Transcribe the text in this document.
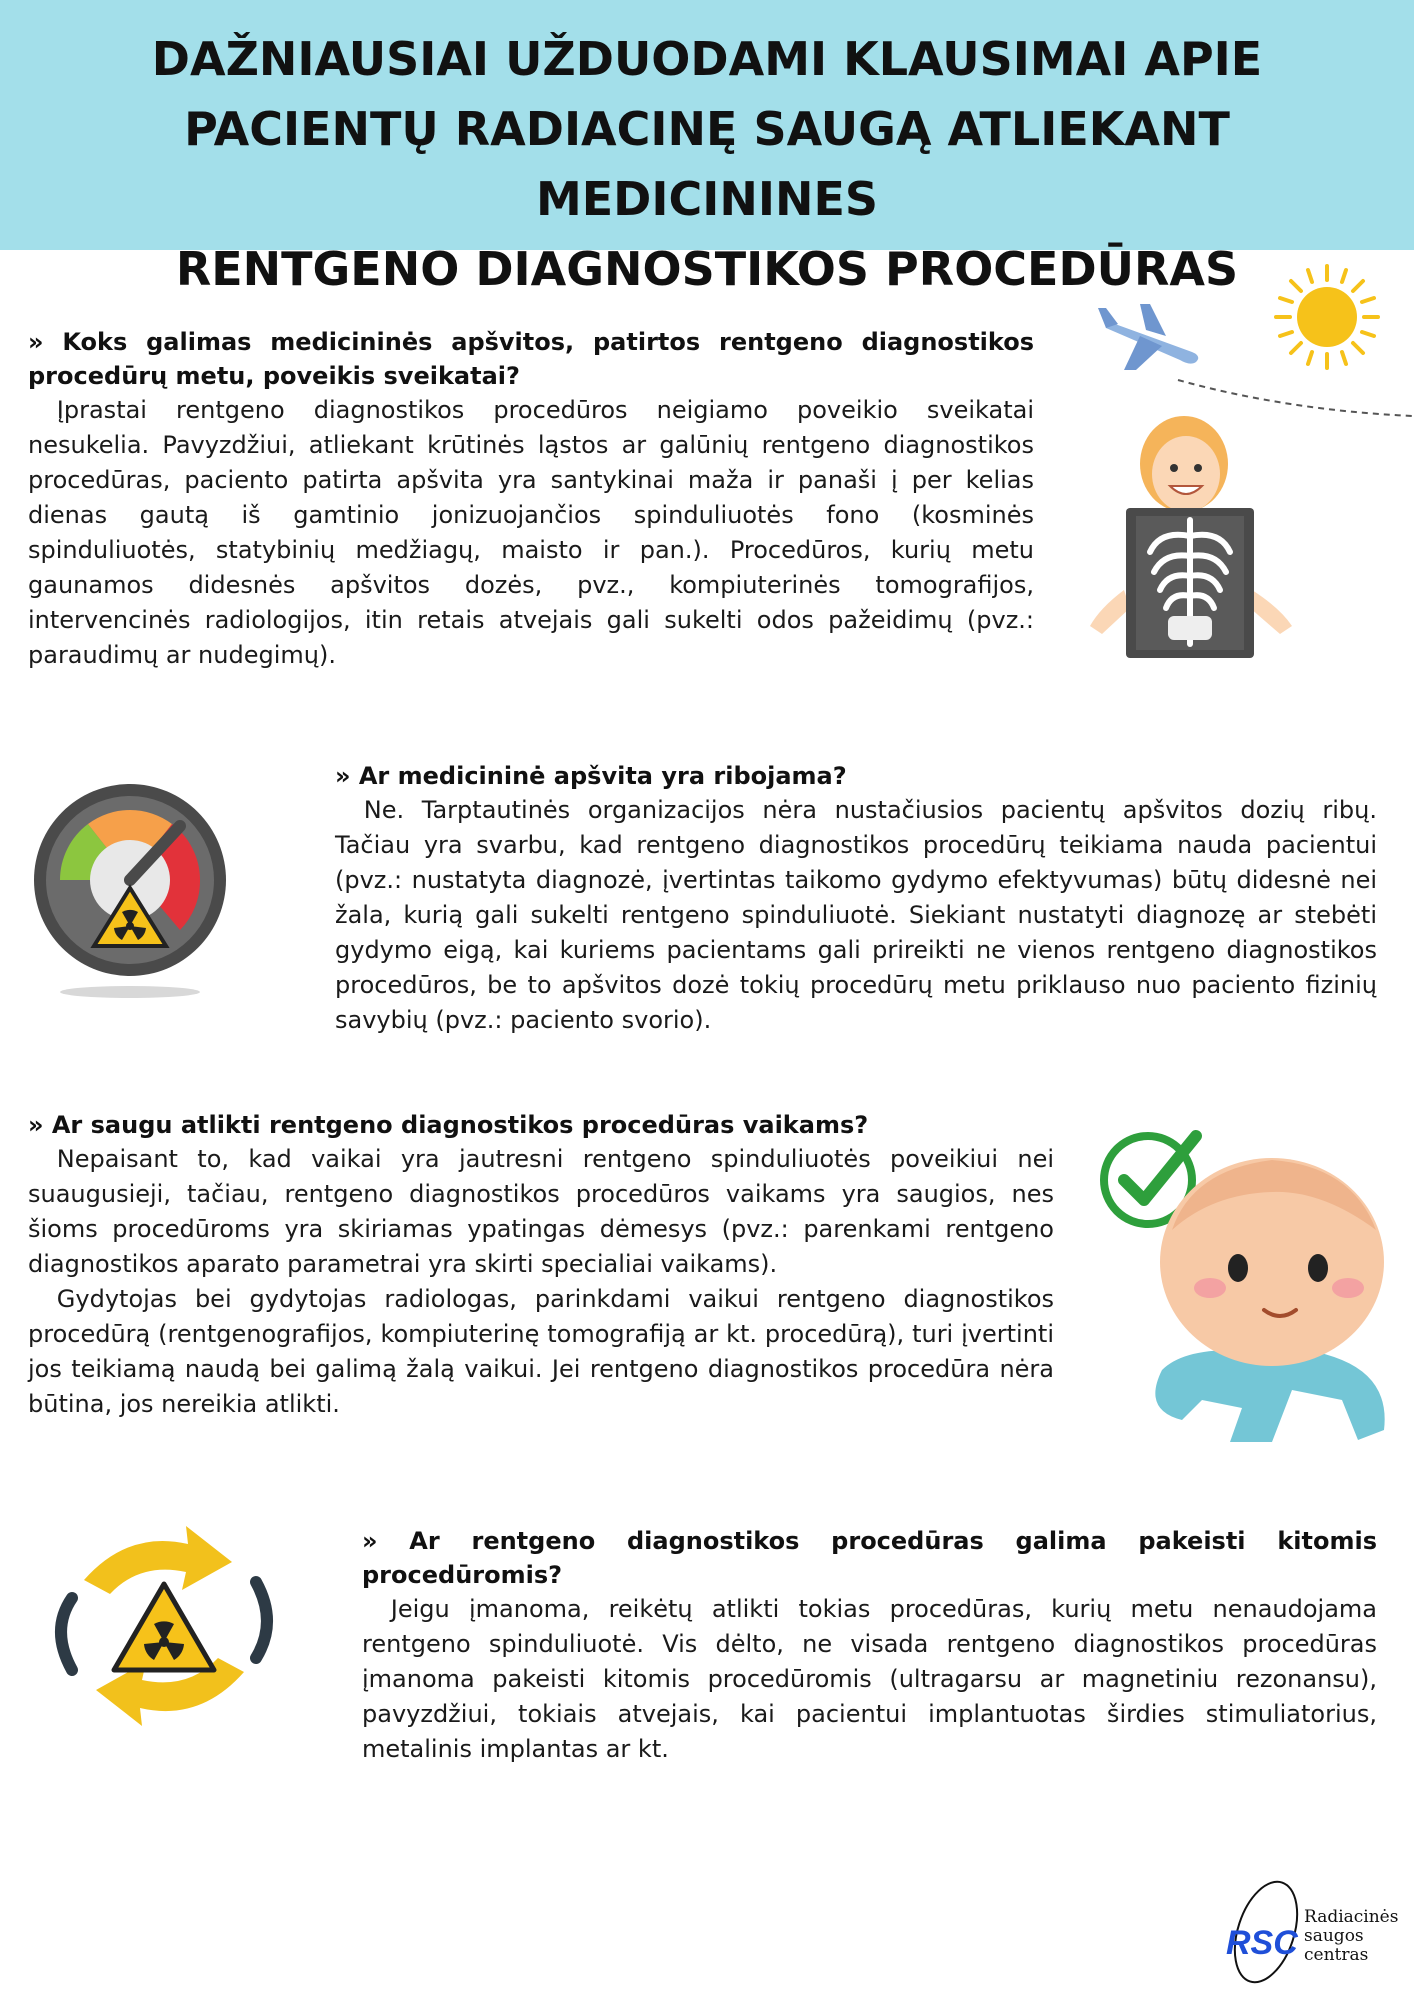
DAŽNIAUSIAI UŽDUODAMI KLAUSIMAI APIE
PACIENTŲ RADIACINĘ SAUGĄ ATLIEKANT MEDICININES
RENTGENO DIAGNOSTIKOS PROCEDŪRAS

» Koks galimas medicininės apšvitos, patirtos rentgeno diagnostikos procedūrų metu, poveikis sveikatai?

Įprastai rentgeno diagnostikos procedūros neigiamo poveikio sveikatai nesukelia. Pavyzdžiui, atliekant krūtinės ląstos ar galūnių rentgeno diagnostikos procedūras, paciento patirta apšvita yra santykinai maža ir panaši į per kelias dienas gautą iš gamtinio jonizuojančios spinduliuotės fono (kosminės spinduliuotės, statybinių medžiagų, maisto ir pan.). Procedūros, kurių metu gaunamos didesnės apšvitos dozės, pvz., kompiuterinės tomografijos, intervencinės radiologijos, itin retais atvejais gali sukelti odos pažeidimų (pvz.: paraudimų ar nudegimų).

» Ar medicininė apšvita yra ribojama?

Ne. Tarptautinės organizacijos nėra nustačiusios pacientų apšvitos dozių ribų. Tačiau yra svarbu, kad rentgeno diagnostikos procedūrų teikiama nauda pacientui (pvz.: nustatyta diagnozė, įvertintas taikomo gydymo efektyvumas) būtų didesnė nei žala, kurią gali sukelti rentgeno spinduliuotė. Siekiant nustatyti diagnozę ar stebėti gydymo eigą, kai kuriems pacientams gali prireikti ne vienos rentgeno diagnostikos procedūros, be to apšvitos dozė tokių procedūrų metu priklauso nuo paciento fizinių savybių (pvz.: paciento svorio).

» Ar saugu atlikti rentgeno diagnostikos procedūras vaikams?

Nepaisant to, kad vaikai yra jautresni rentgeno spinduliuotės poveikiui nei suaugusieji, tačiau, rentgeno diagnostikos procedūros vaikams yra saugios, nes šioms procedūroms yra skiriamas ypatingas dėmesys (pvz.: parenkami rentgeno diagnostikos aparato parametrai yra skirti specialiai vaikams).

Gydytojas bei gydytojas radiologas, parinkdami vaikui rentgeno diagnostikos procedūrą (rentgenografijos, kompiuterinę tomografiją ar kt. procedūrą), turi įvertinti jos teikiamą naudą bei galimą žalą vaikui. Jei rentgeno diagnostikos procedūra nėra būtina, jos nereikia atlikti.

» Ar rentgeno diagnostikos procedūras galima pakeisti kitomis procedūromis?

Jeigu įmanoma, reikėtų atlikti tokias procedūras, kurių metu nenaudojama rentgeno spinduliuotė. Vis dėlto, ne visada rentgeno diagnostikos procedūras įmanoma pakeisti kitomis procedūromis (ultragarsu ar magnetiniu rezonansu), pavyzdžiui, tokiais atvejais, kai pacientui implantuotas širdies stimuliatorius, metalinis implantas ar kt.

RSC
Radiacinės
saugos
centras
